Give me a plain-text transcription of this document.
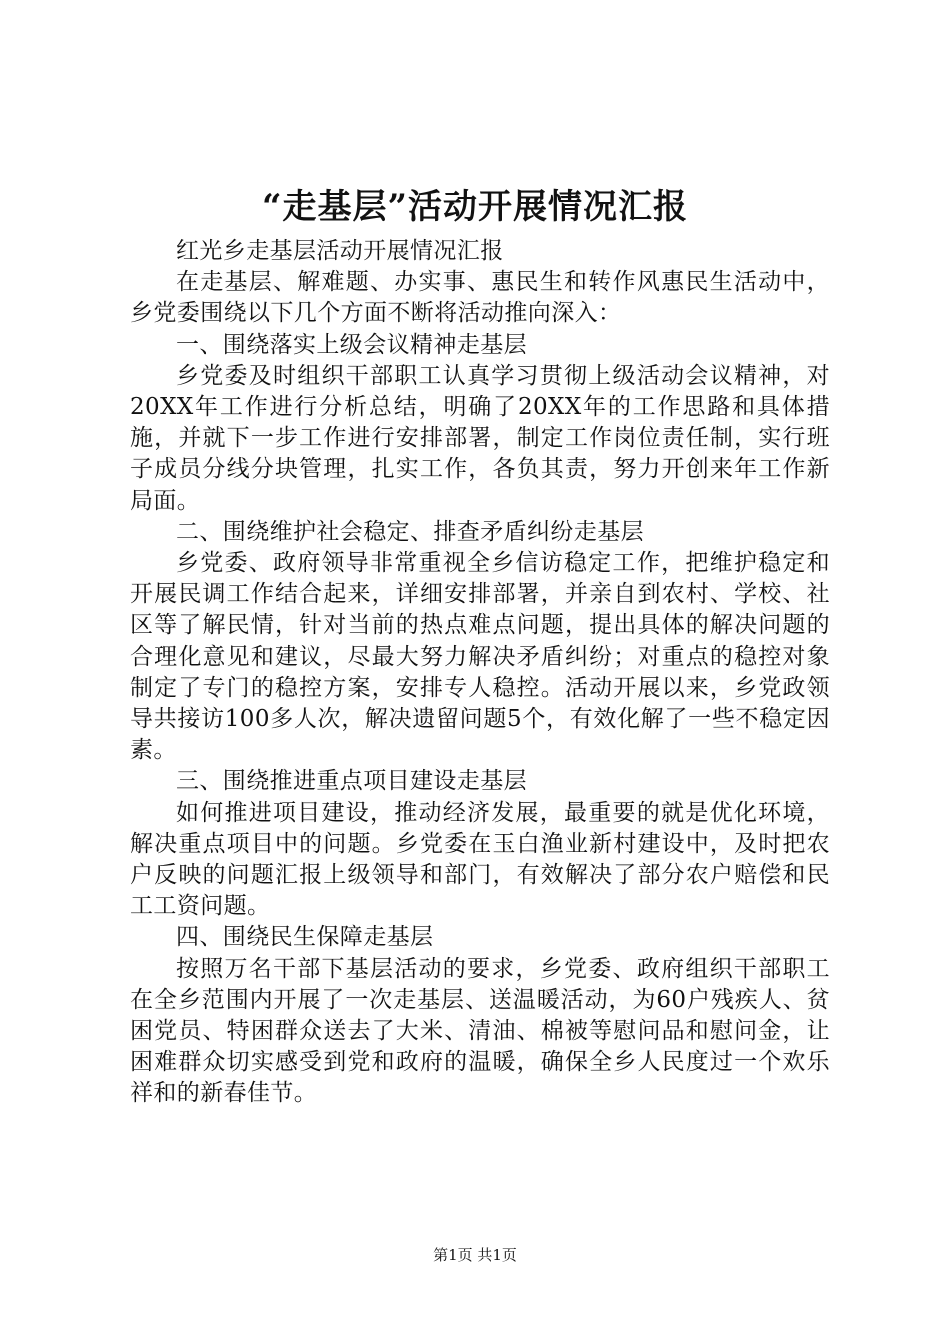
“走基层”活动开展情况汇报

红光乡走基层活动开展情况汇报

在走基层、解难题、办实事、惠民生和转作风惠民生活动中，乡党委围绕以下几个方面不断将活动推向深入：

一、围绕落实上级会议精神走基层

乡党委及时组织干部职工认真学习贯彻上级活动会议精神，对20XX年工作进行分析总结，明确了20XX年的工作思路和具体措施，并就下一步工作进行安排部署，制定工作岗位责任制，实行班子成员分线分块管理，扎实工作，各负其责，努力开创来年工作新局面。

二、围绕维护社会稳定、排查矛盾纠纷走基层

乡党委、政府领导非常重视全乡信访稳定工作，把维护稳定和开展民调工作结合起来，详细安排部署，并亲自到农村、学校、社区等了解民情，针对当前的热点难点问题，提出具体的解决问题的合理化意见和建议，尽最大努力解决矛盾纠纷；对重点的稳控对象制定了专门的稳控方案，安排专人稳控。活动开展以来，乡党政领导共接访100多人次，解决遗留问题5个，有效化解了一些不稳定因素。

三、围绕推进重点项目建设走基层

如何推进项目建设，推动经济发展，最重要的就是优化环境，解决重点项目中的问题。乡党委在玉白渔业新村建设中，及时把农户反映的问题汇报上级领导和部门，有效解决了部分农户赔偿和民工工资问题。

四、围绕民生保障走基层

按照万名干部下基层活动的要求，乡党委、政府组织干部职工在全乡范围内开展了一次走基层、送温暖活动，为60户残疾人、贫困党员、特困群众送去了大米、清油、棉被等慰问品和慰问金，让困难群众切实感受到党和政府的温暖，确保全乡人民度过一个欢乐祥和的新春佳节。

第1页 共1页
